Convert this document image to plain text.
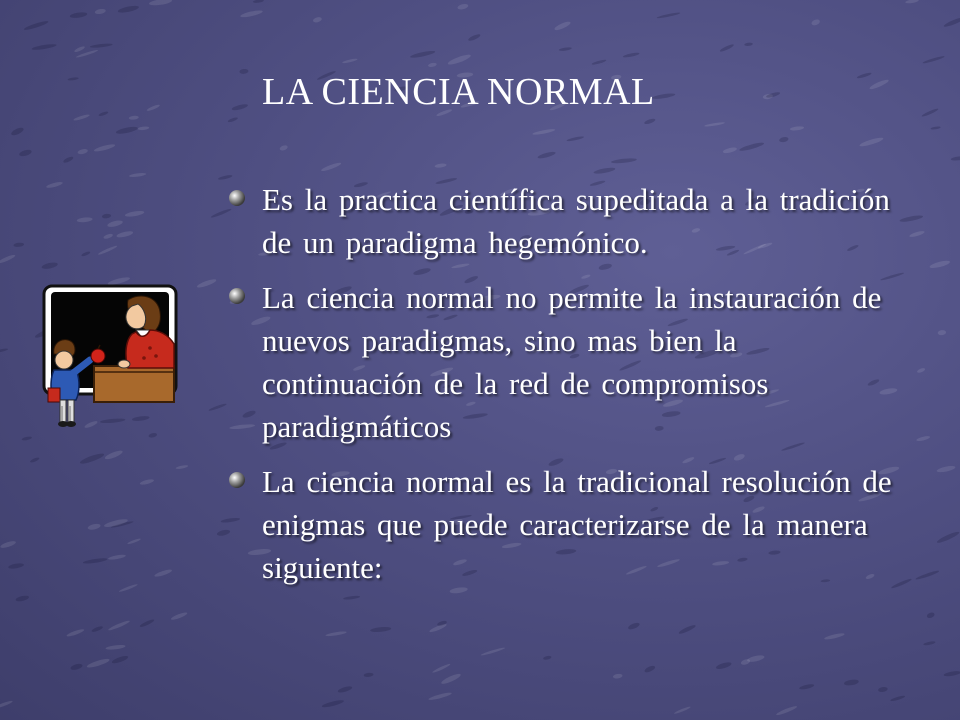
LA CIENCIA NORMAL
Es la practica científica supeditada a la tradición de un paradigma hegemónico.
La ciencia normal no permite la instauración de nuevos paradigmas, sino mas bien la continuación de la red de compromisos paradigmáticos
La ciencia normal es la tradicional resolución de enigmas que puede caracterizarse de la manera siguiente:
